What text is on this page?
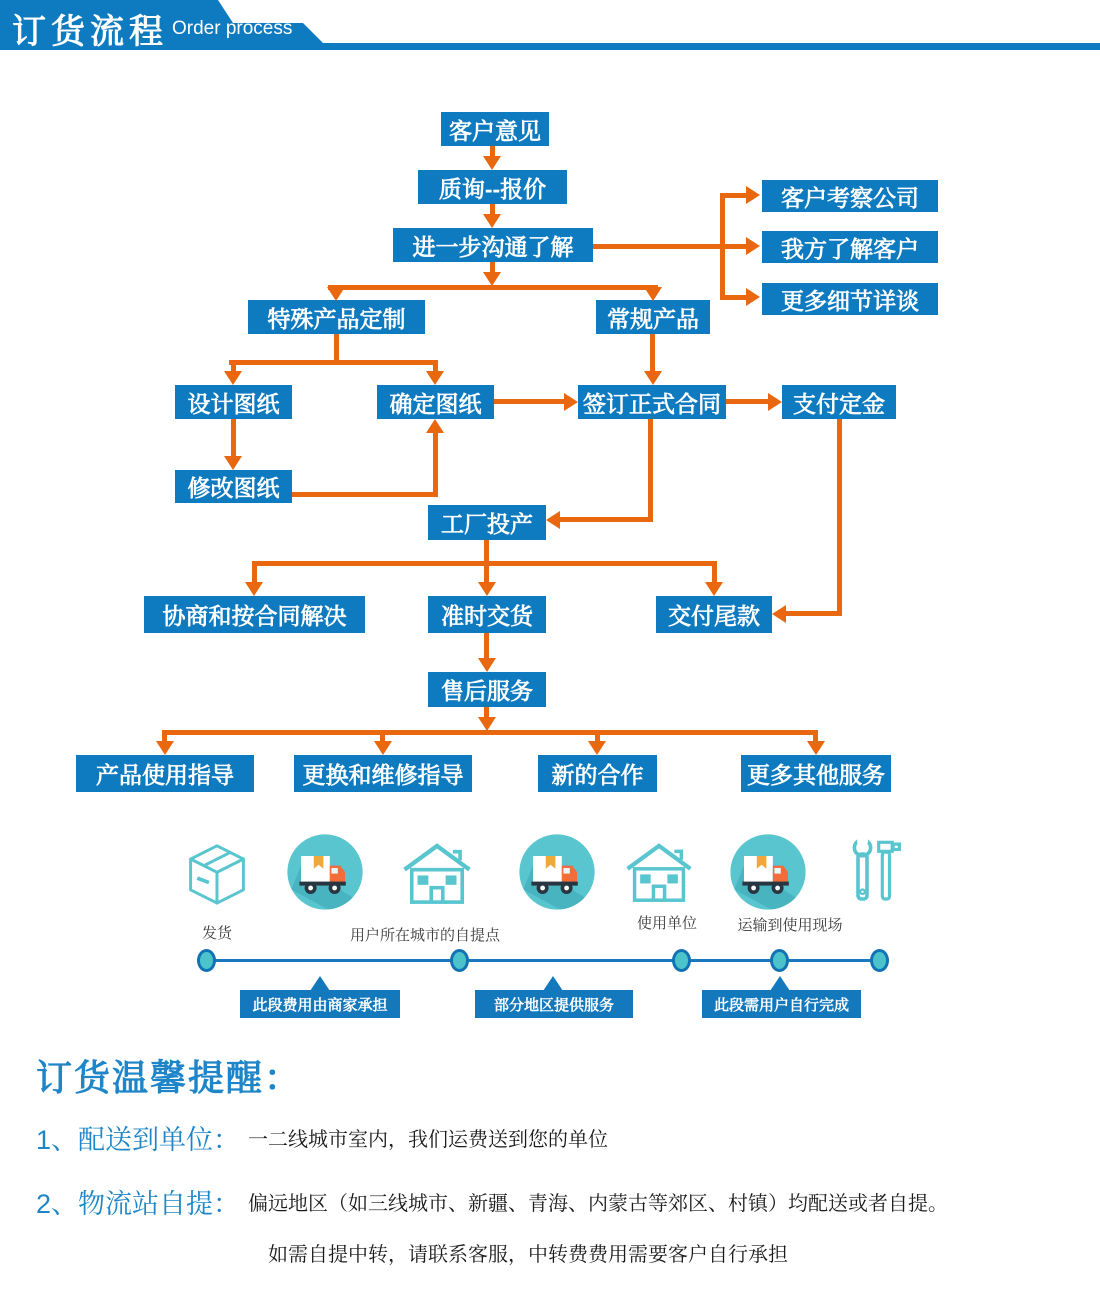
订货流程 Order process
客户意见
质询--报价
进一步沟通了解
客户考察公司
我方了解客户
更多细节详谈
特殊产品定制	常规产品
设计图纸	确定图纸	签订正式合同	支付定金
修改图纸
工厂投产
协商和按合同解决	准时交货	交付尾款
售后服务
产品使用指导	更换和维修指导	新的合作	更多其他服务
发货	用户所在城市的自提点
使用单位	运输到使用现场
此段费用由商家承担	部分地区提供服务	此段需用户自行完成
订货温馨提醒：
1、 配送到单位： 一二线城市室内，我们运费送到您的单位
2、 物流站自提： 偏远地区（如三线城市、新疆、青海、内蒙古等郊区、村镇）均配送或者自提。
如需自提中转，请联系客服，中转费费用需要客户自行承担
